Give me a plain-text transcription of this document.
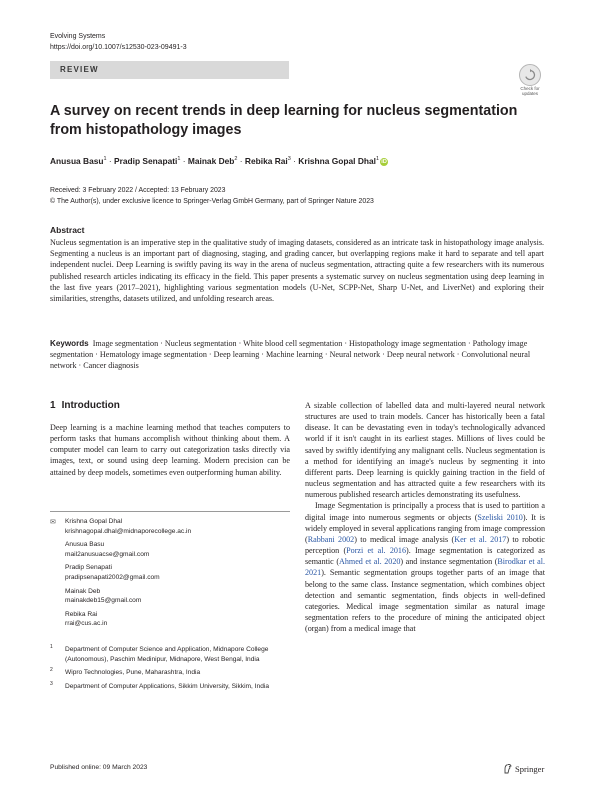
Evolving Systems
https://doi.org/10.1007/s12530-023-09491-3
REVIEW
Check for
updates
A survey on recent trends in deep learning for nucleus segmentation from histopathology images
Anusua Basu$^1$ · Pradip Senapati$^1$ · Mainak Deb$^2$ · Rebika Rai$^3$ · Krishna Gopal Dhal$^1$ iD
Received: 3 February 2022 / Accepted: 13 February 2023
© The Author(s), under exclusive licence to Springer-Verlag GmbH Germany, part of Springer Nature 2023
Abstract
Nucleus segmentation is an imperative step in the qualitative study of imaging datasets, considered as an intricate task in histopathology image analysis. Segmenting a nucleus is an important part of diagnosing, staging, and grading cancer, but overlapping regions make it hard to separate and tell apart independent nuclei. Deep Learning is swiftly paving its way in the arena of nucleus segmentation, attracting quite a few researchers with its numerous published research articles indicating its efficacy in the field. This paper presents a systematic survey on nucleus segmentation using deep learning in the last five years (2017–2021), highlighting various segmentation models (U-Net, SCPP-Net, Sharp U-Net, and LiverNet) and exploring their similarities, strengths, datasets utilized, and unfolding research areas.
Keywords Image segmentation · Nucleus segmentation · White blood cell segmentation · Histopathology image segmentation · Pathology image segmentation · Hematology image segmentation · Deep learning · Machine learning · Neural network · Deep neural network · Convolutional neural network · Cancer diagnosis
1 Introduction
Deep learning is a machine learning method that teaches computers to perform tasks that humans accomplish without thinking about them. A computer model can learn to carry out categorization tasks directly via images, text, or sound using deep learning. Modern precision can be attained by deep models, sometimes even outperforming human ability.
✉ Krishna Gopal Dhal
krishnagopal.dhal@midnaporecollege.ac.in
Anusua Basu
mail2anusuacse@gmail.com
Pradip Senapati
pradipsenapati2002@gmail.com
Mainak Deb
mainakdeb15@gmail.com
Rebika Rai
rrai@cus.ac.in
1 Department of Computer Science and Application, Midnapore College (Autonomous), Paschim Medinipur, Midnapore, West Bengal, India
2 Wipro Technologies, Pune, Maharashtra, India
3 Department of Computer Applications, Sikkim University, Sikkim, India

A sizable collection of labelled data and multi-layered neural network structures are used to train models. Cancer has historically been a fatal disease. It can be devastating even in today's technologically advanced world if it isn't caught in its earliest stages. Millions of lives could be saved by swiftly identifying any malignant cells. Nucleus segmentation is a method for identifying an image's nucleus by segmenting it into different parts. Deep learning is quickly gaining traction in the field of nucleus segmentation and has attracted quite a few researchers with its numerous published research articles demonstrating its usefulness.

Image Segmentation is principally a process that is used to partition a digital image into numerous segments or objects (Szeliski 2010). It is widely employed in several applications ranging from image compression (Rabbani 2002) to medical image analysis (Ker et al. 2017) to robotic perception (Porzi et al. 2016). Image segmentation is categorized as semantic (Ahmed et al. 2020) and instance segmentation (Birodkar et al. 2021). Semantic segmentation groups together parts of an image that belong to the same class. Instance segmentation, which combines object detection and semantic segmentation, finds objects in well-defined categories. Medical image segmentation similar as natural image segmentation refers to the procedure of mining the anticipated object (organ) from a medical image that

Published online: 09 March 2023	Springer
